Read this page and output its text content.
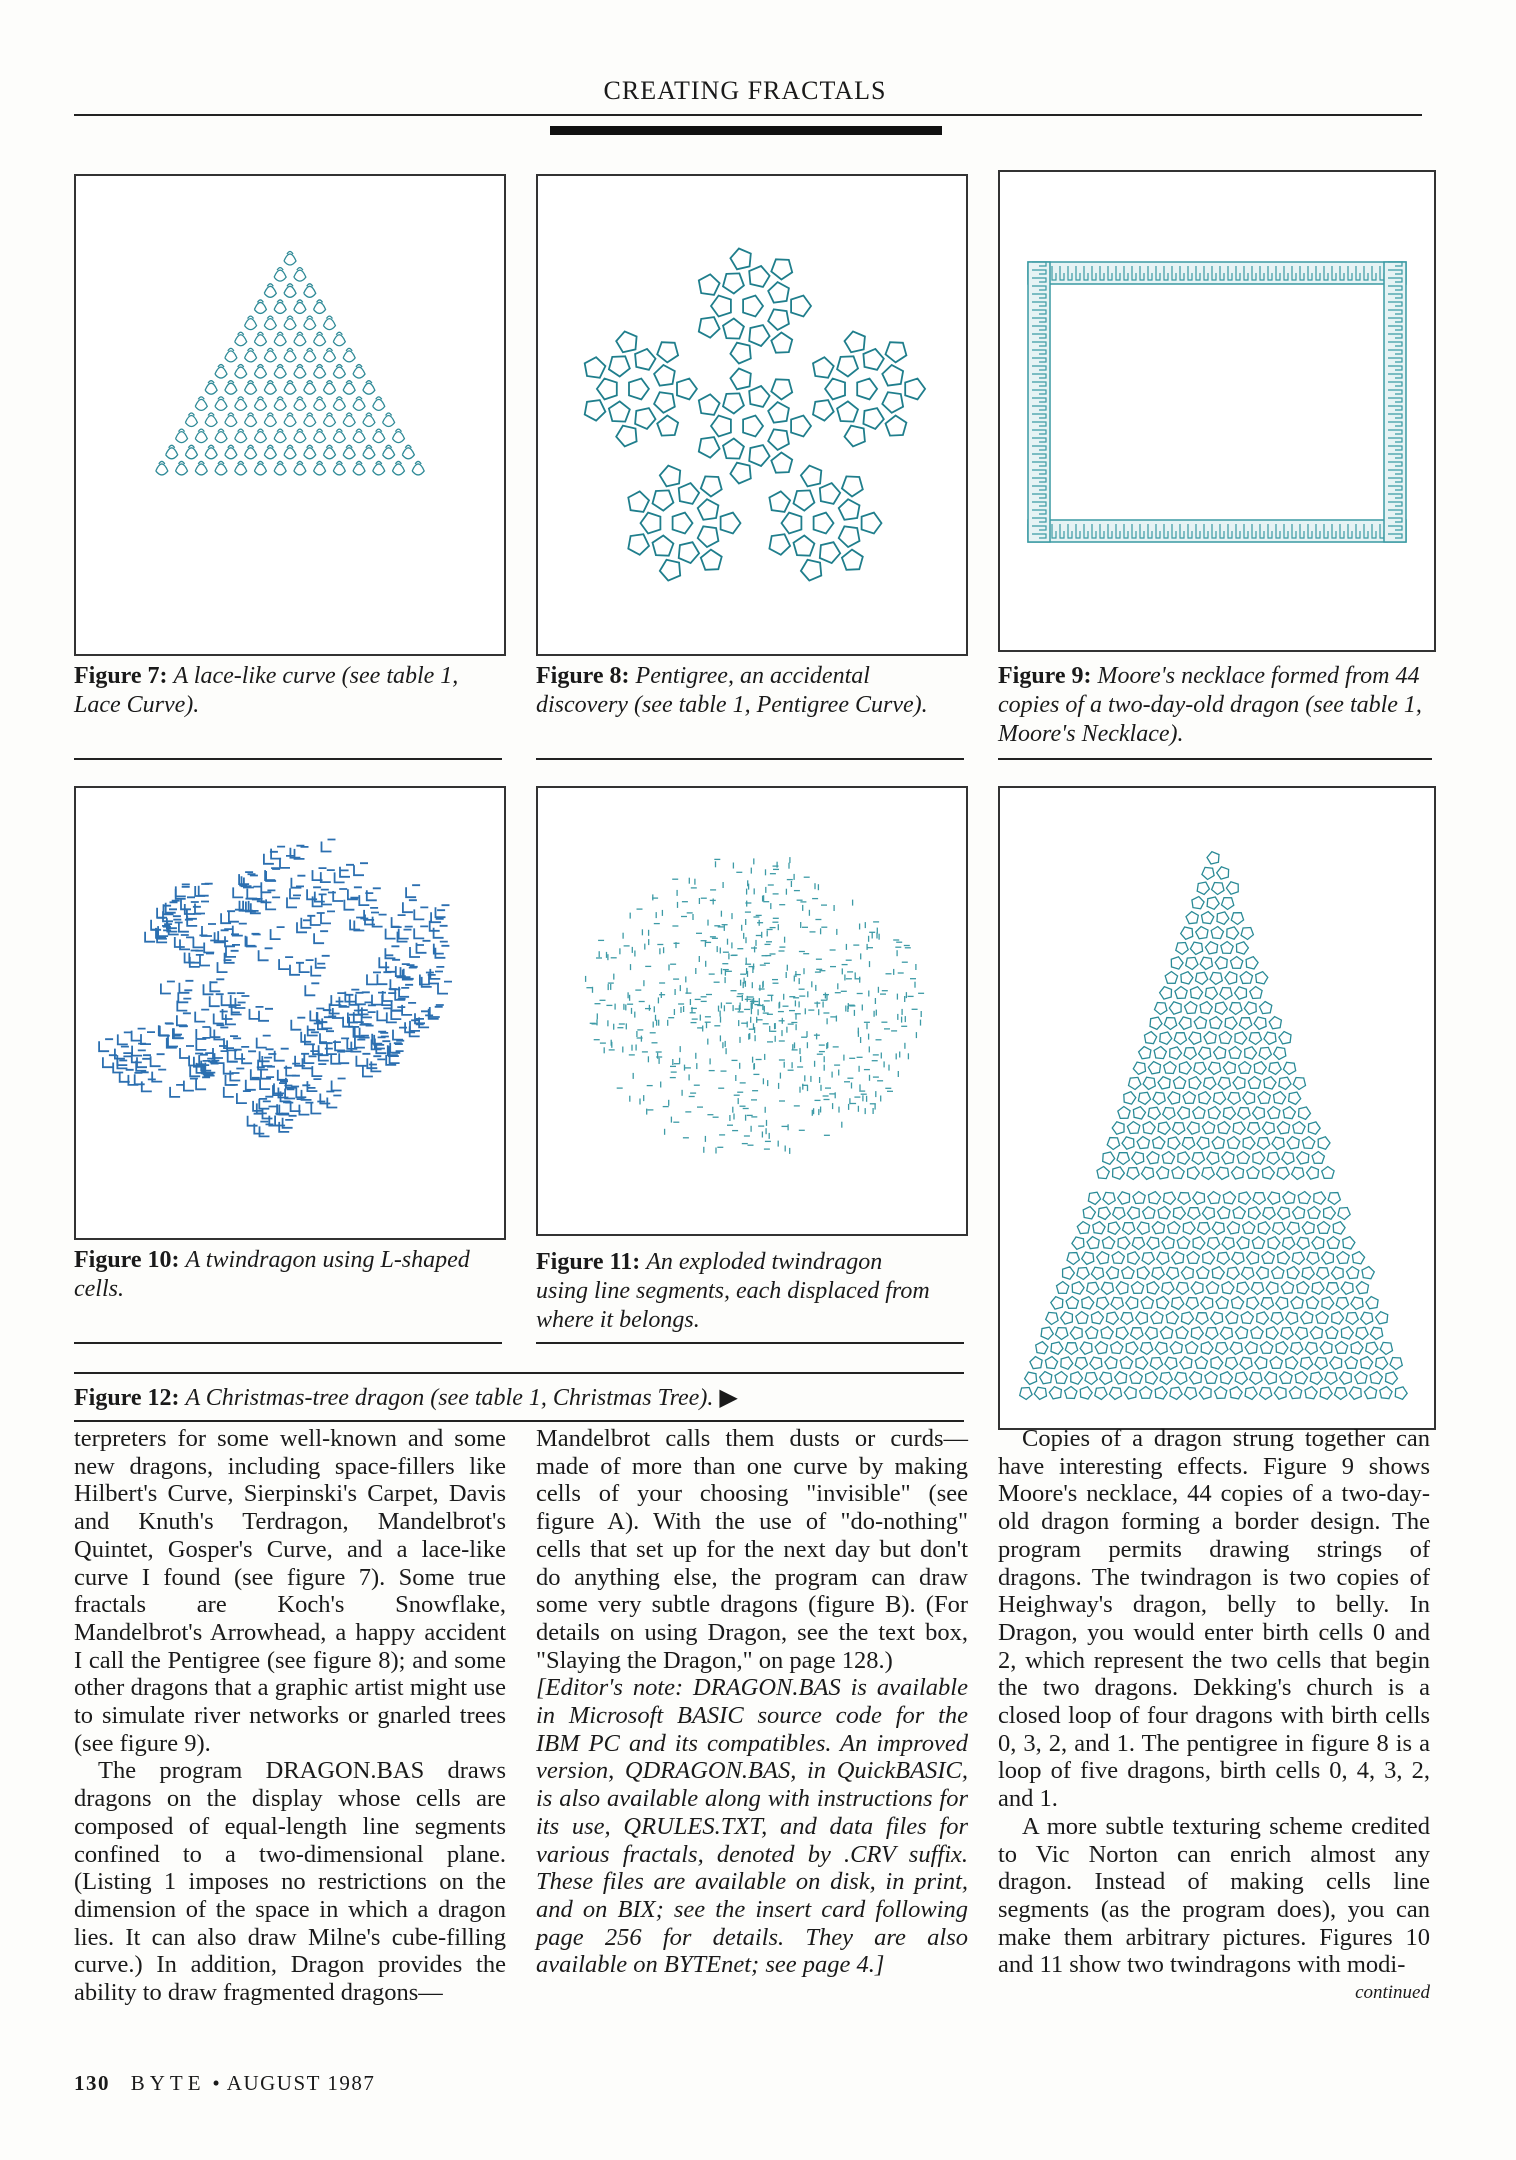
CREATING FRACTALS
Figure 7: A lace-like curve (see table 1, Lace Curve).
Figure 8: Pentigree, an accidental discovery (see table 1, Pentigree Curve).
Figure 9: Moore's necklace formed from 44 copies of a two-day-old dragon (see table 1, Moore's Necklace).
Figure 10: A twindragon using L-shaped cells.
Figure 11: An exploded twindragon using line segments, each displaced from where it belongs.
Figure 12: A Christmas-tree dragon (see table 1, Christmas Tree). ▶

terpreters for some well-known and some new dragons, including space-fillers like Hilbert's Curve, Sierpinski's Carpet, Davis and Knuth's Terdragon, Mandelbrot's Quintet, Gosper's Curve, and a lace-like curve I found (see figure 7). Some true fractals are Koch's Snowflake, Mandelbrot's Arrowhead, a happy accident I call the Pentigree (see figure 8); and some other dragons that a graphic artist might use to simulate river networks or gnarled trees (see figure 9).

The program DRAGON.BAS draws dragons on the display whose cells are composed of equal-length line segments confined to a two-dimensional plane. (Listing 1 imposes no restrictions on the dimension of the space in which a dragon lies. It can also draw Milne's cube-filling curve.) In addition, Dragon provides the ability to draw fragmented dragons—

Mandelbrot calls them dusts or curds— made of more than one curve by making cells of your choosing "invisible" (see figure A). With the use of "do-nothing" cells that set up for the next day but don't do anything else, the program can draw some very subtle dragons (figure B). (For details on using Dragon, see the text box, "Slaying the Dragon," on page 128.)

[Editor's note: DRAGON.BAS is available in Microsoft BASIC source code for the IBM PC and its compatibles. An improved version, QDRAGON.BAS, in QuickBASIC, is also available along with instructions for its use, QRULES.TXT, and data files for various fractals, denoted by .CRV suffix. These files are available on disk, in print, and on BIX; see the insert card following page 256 for details. They are also available on BYTEnet; see page 4.]

Copies of a dragon strung together can have interesting effects. Figure 9 shows Moore's necklace, 44 copies of a two-day-old dragon forming a border design. The program permits drawing strings of dragons. The twindragon is two copies of Heighway's dragon, belly to belly. In Dragon, you would enter birth cells 0 and 2, which represent the two cells that begin the two dragons. Dekking's church is a closed loop of four dragons with birth cells 0, 3, 2, and 1. The pentigree in figure 8 is a loop of five dragons, birth cells 0, 4, 3, 2, and 1.

A more subtle texturing scheme credited to Vic Norton can enrich almost any dragon. Instead of making cells line segments (as the program does), you can make them arbitrary pictures. Figures 10 and 11 show two twindragons with modi-

continued
130 BYTE • AUGUST 1987
